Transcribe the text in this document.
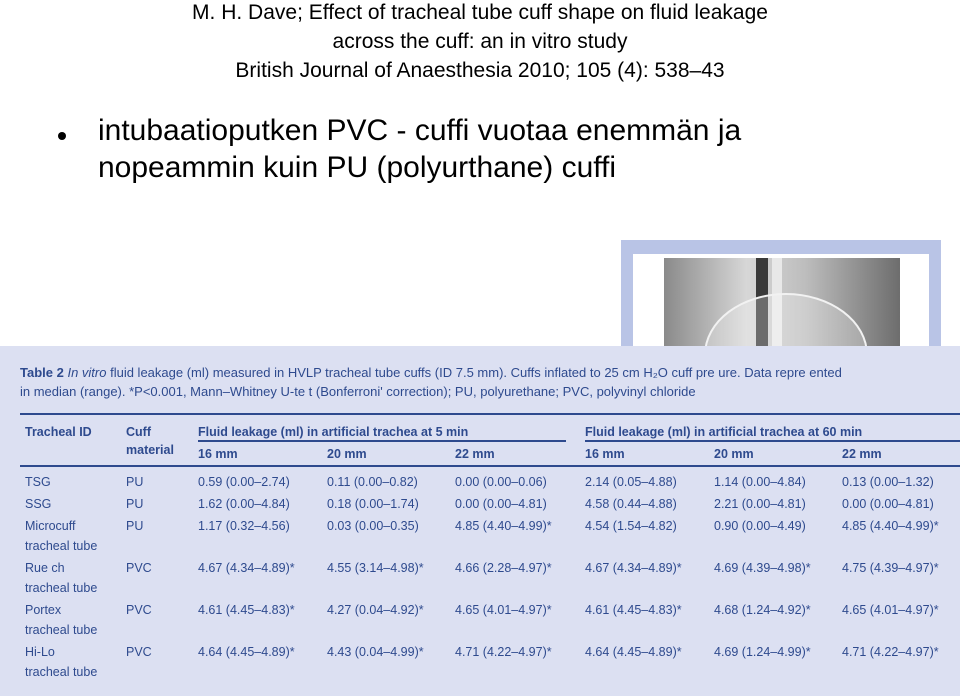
M. H. Dave; Effect of tracheal tube cuff shape on fluid leakage
across the cuff: an in vitro study
British Journal of Anaesthesia 2010; 105 (4): 538–43
intubaatioputken PVC - cuffi vuotaa enemmän ja
nopeammin kuin PU (polyurthane) cuffi
Table 2 In vitro fluid leakage (ml) measured in HVLP tracheal tube cuffs (ID 7.5 mm). Cuffs inflated to 25 cm H₂O cuff pre ure. Data repre ented
in median (range). *P<0.001, Mann–Whitney U-te t (Bonferroni' correction); PU, polyurethane; PVC, polyvinyl chloride
Tracheal ID	Cuff
material
Fluid leakage (ml) in artificial trachea at 5 min	Fluid leakage (ml) in artificial trachea at 60 min
16 mm	20 mm	22 mm	16 mm	20 mm	22 mm
TSG	PU	0.59 (0.00–2.74)	0.11 (0.00–0.82)	0.00 (0.00–0.06)	2.14 (0.05–4.88)	1.14 (0.00–4.84)	0.13 (0.00–1.32)
SSG	PU	1.62 (0.00–4.84)	0.18 (0.00–1.74)	0.00 (0.00–4.81)	4.58 (0.44–4.88)	2.21 (0.00–4.81)	0.00 (0.00–4.81)
Microcuff
tracheal tube
PU	1.17 (0.32–4.56)	0.03 (0.00–0.35)	4.85 (4.40–4.99)*	4.54 (1.54–4.82)	0.90 (0.00–4.49)	4.85 (4.40–4.99)*
Rue ch
tracheal tube
PVC	4.67 (4.34–4.89)*	4.55 (3.14–4.98)*	4.66 (2.28–4.97)*	4.67 (4.34–4.89)*	4.69 (4.39–4.98)*	4.75 (4.39–4.97)*
Portex
tracheal tube
PVC	4.61 (4.45–4.83)*	4.27 (0.04–4.92)*	4.65 (4.01–4.97)*	4.61 (4.45–4.83)*	4.68 (1.24–4.92)*	4.65 (4.01–4.97)*
Hi-Lo
tracheal tube
PVC	4.64 (4.45–4.89)*	4.43 (0.04–4.99)*	4.71 (4.22–4.97)*	4.64 (4.45–4.89)*	4.69 (1.24–4.99)*	4.71 (4.22–4.97)*
